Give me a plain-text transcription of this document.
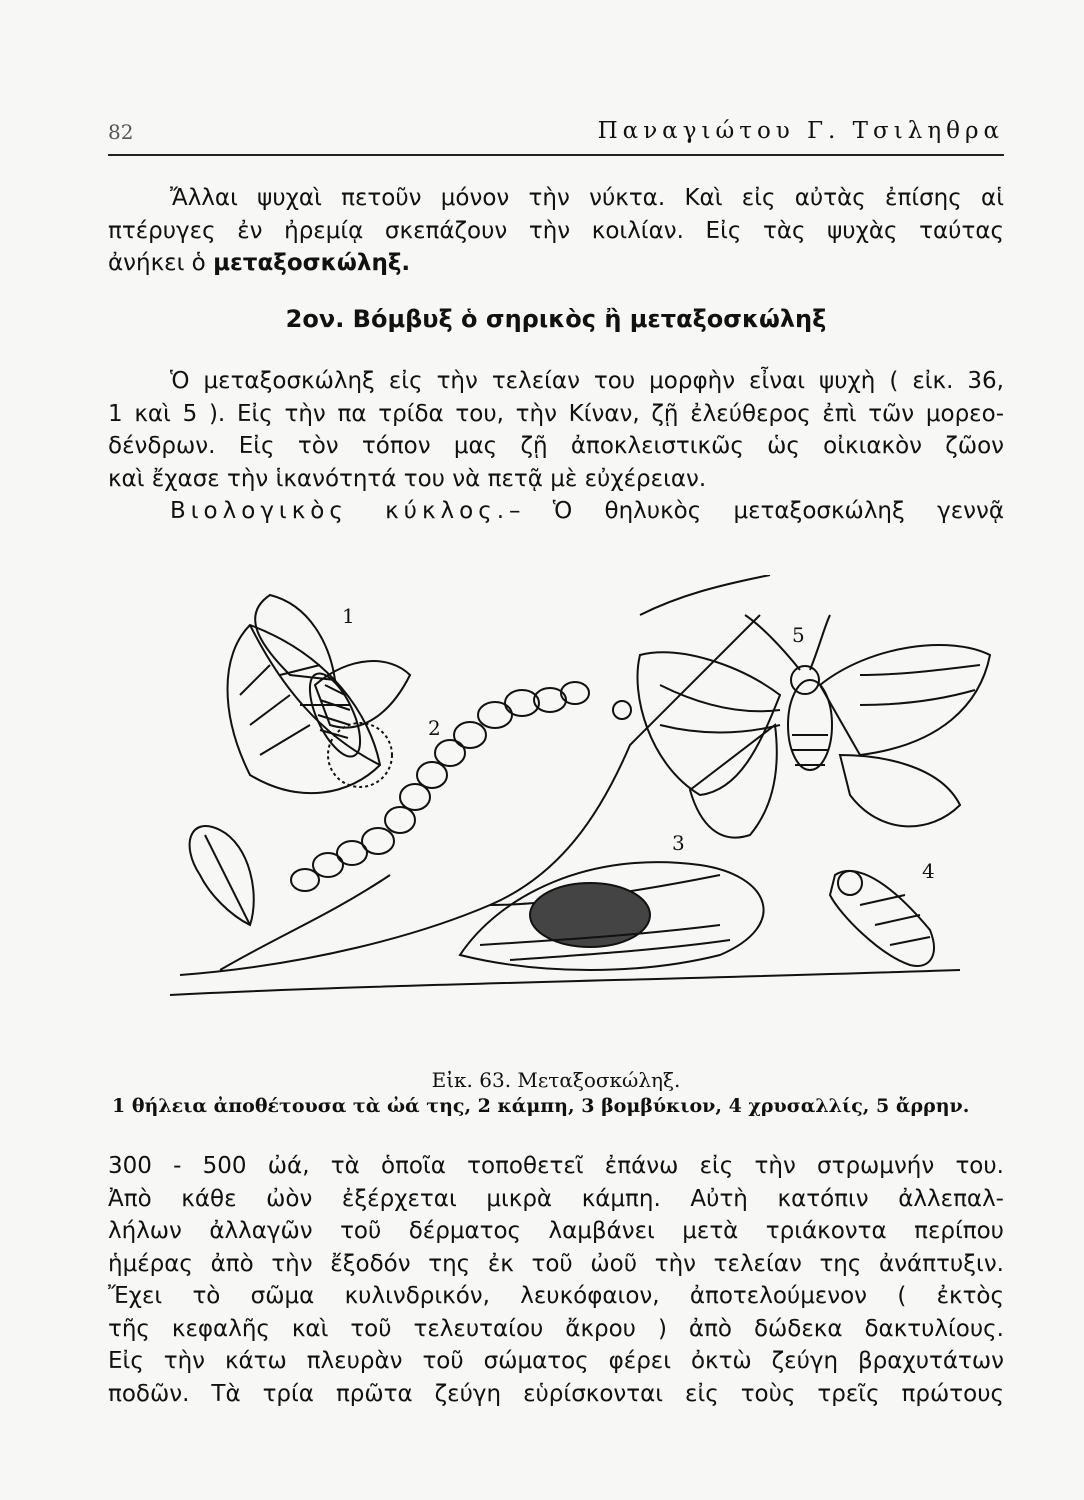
82	Παναγιώτου Γ. Τσιληθρα
Ἄλλαι ψυχαὶ πετοῦν μόνον τὴν νύκτα. Καὶ εἰς αὐτὰς ἐπίσης αἱ
πτέρυγες ἐν ἠρεμίᾳ σκεπάζουν τὴν κοιλίαν. Εἰς τὰς ψυχὰς ταύτας
ἀνήκει ὁ μεταξοσκώληξ.
2ον. Βόμβυξ ὁ σηρικὸς ἢ μεταξοσκώληξ
Ὁ μεταξοσκώληξ εἰς τὴν τελείαν του μορφὴν εἶναι ψυχὴ ( εἰκ. 36,
1 καὶ 5 ). Εἰς τὴν πα τρίδα του, τὴν Κίναν, ζῇ ἐλεύθερος ἐπὶ τῶν μορεο-
δένδρων. Εἰς τὸν τόπον μας ζῇ ἀποκλειστικῶς ὡς οἰκιακὸν ζῶον
καὶ ἔχασε τὴν ἱκανότητά του νὰ πετᾷ μὲ εὐχέρειαν.
Βιολογικὸς κύκλος.– Ὁ θηλυκὸς μεταξοσκώληξ γεννᾷ
1
2
3
4
5
Εἰκ. 63. Μεταξοσκώληξ.
1 θήλεια ἀποθέτουσα τὰ ὠά της, 2 κάμπη, 3 βομβύκιον, 4 χρυσαλλίς, 5 ἄρρην.
300 - 500 ὠά, τὰ ὁποῖα τοποθετεῖ ἐπάνω εἰς τὴν στρωμνήν του.
Ἀπὸ κάθε ὠὸν ἐξέρχεται μικρὰ κάμπη. Αὐτὴ κατόπιν ἀλλεπαλ-
λήλων ἀλλαγῶν τοῦ δέρματος λαμβάνει μετὰ τριάκοντα περίπου
ἡμέρας ἀπὸ τὴν ἔξοδόν της ἐκ τοῦ ὠοῦ τὴν τελείαν της ἀνάπτυξιν.
Ἔχει τὸ σῶμα κυλινδρικόν, λευκόφαιον, ἀποτελούμενον ( ἐκτὸς
τῆς κεφαλῆς καὶ τοῦ τελευταίου ἄκρου ) ἀπὸ δώδεκα δακτυλίους.
Εἰς τὴν κάτω πλευρὰν τοῦ σώματος φέρει ὀκτὼ ζεύγη βραχυτάτων
ποδῶν. Τὰ τρία πρῶτα ζεύγη εὑρίσκονται εἰς τοὺς τρεῖς πρώτους
